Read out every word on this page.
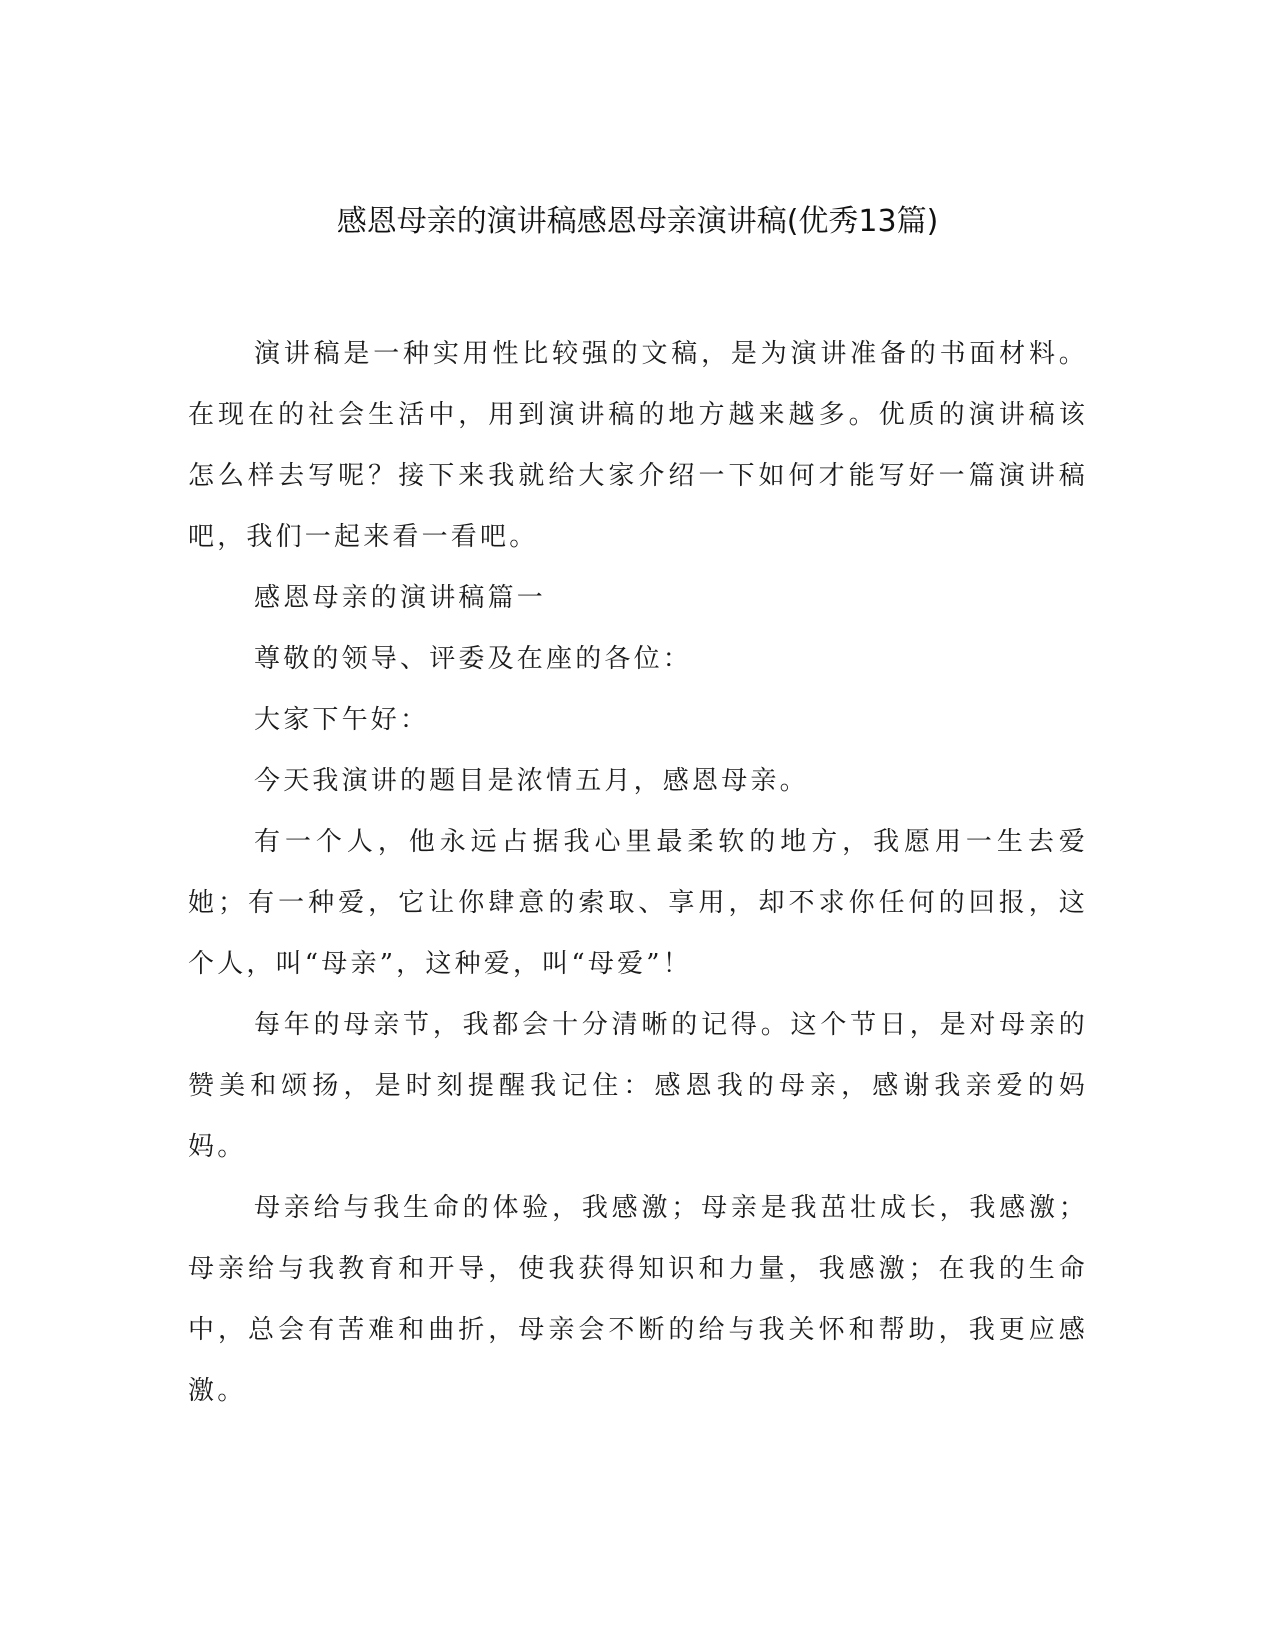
感恩母亲的演讲稿感恩母亲演讲稿(优秀13篇)

演讲稿是一种实用性比较强的文稿，是为演讲准备的书面材料。在现在的社会生活中，用到演讲稿的地方越来越多。优质的演讲稿该怎么样去写呢？接下来我就给大家介绍一下如何才能写好一篇演讲稿吧，我们一起来看一看吧。

感恩母亲的演讲稿篇一

尊敬的领导、评委及在座的各位：

大家下午好：

今天我演讲的题目是浓情五月，感恩母亲。

有一个人，他永远占据我心里最柔软的地方，我愿用一生去爱她；有一种爱，它让你肆意的索取、享用，却不求你任何的回报，这个人，叫“母亲”，这种爱，叫“母爱”！

每年的母亲节，我都会十分清晰的记得。这个节日，是对母亲的赞美和颂扬，是时刻提醒我记住：感恩我的母亲，感谢我亲爱的妈妈。

母亲给与我生命的体验，我感激；母亲是我茁壮成长，我感激；母亲给与我教育和开导，使我获得知识和力量，我感激；在我的生命中，总会有苦难和曲折，母亲会不断的给与我关怀和帮助，我更应感激。
